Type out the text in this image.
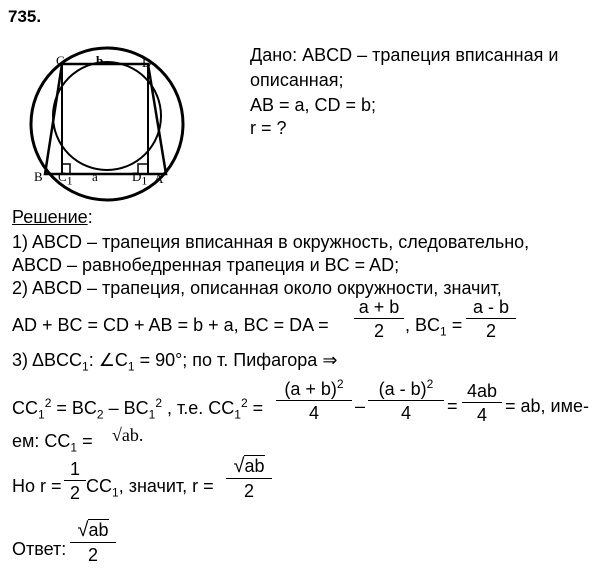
735.
C b	D
B $C_1$ a	$D_1$ A
Дано: ABCD – трапеция вписанная и
описанная;
AB = a, CD = b;
r = ?
Решение:
1) ABCD – трапеция вписанная в окружность, следовательно,
ABCD – равнобедренная трапеция и BC = AD;
2) ABCD – трапеция, описанная около окружности, значит,
AD + BC = CD + AB = b + a, BC = DA =
a + b
2	, $BC_1$ =
a - b
2
3) $\Delta BCC_1$: $\angle C_1 = 90^\circ$; по т. Пифагора ⇒
$CC_1^2 = BC_2 - BC_1^2$ , т.е. $CC_1^2$ =
$(a + b)^2$
4	–
(a - b)$^2$
4	=
4ab
4	= ab, име-
ем: $CC_1 = √ab$.
Но r =
1
2 $CC_1$, значит, r =
√ab
2
Ответ:
√ab
2
